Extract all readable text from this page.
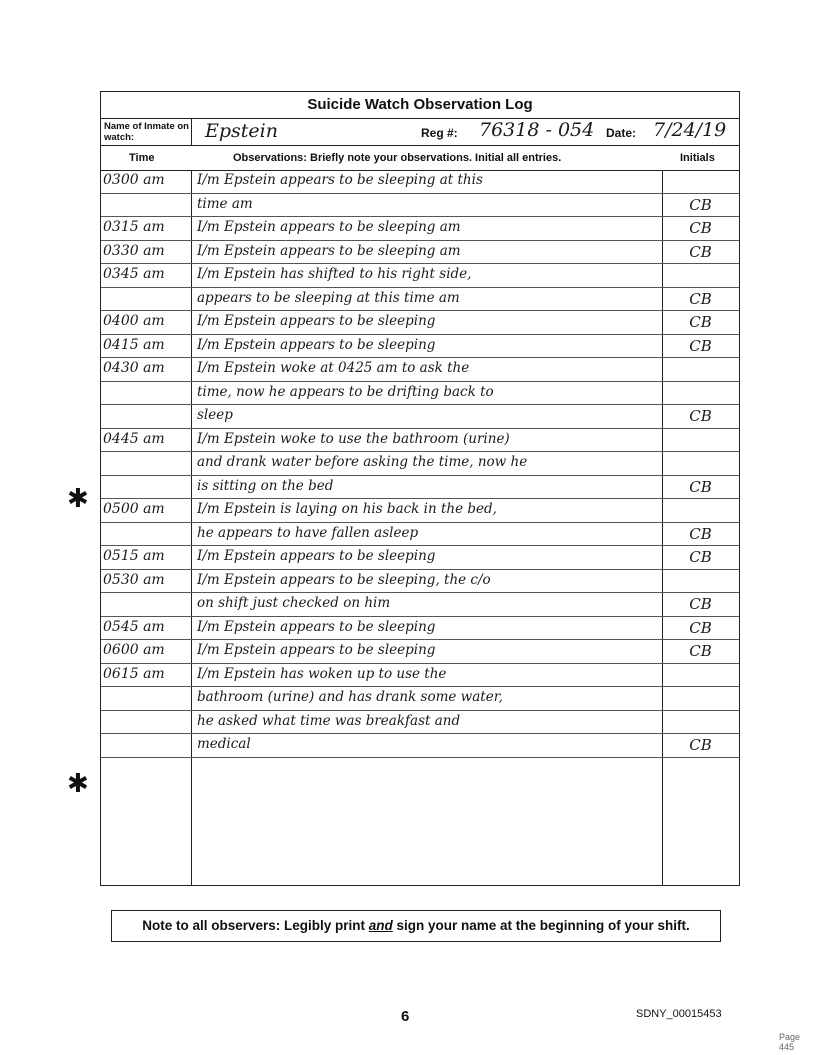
Suicide Watch Observation Log
Name of Inmate on watch:	Epstein	Reg #: 76318 - 054 Date: 7/24/19
Time	Observations: Briefly note your observations. Initial all entries.	Initials
0300 am	I/m Epstein appears to be sleeping at this
time am	CB
0315 am	I/m Epstein appears to be sleeping am	CB
0330 am	I/m Epstein appears to be sleeping am	CB
0345 am	I/m Epstein has shifted to his right side,
appears to be sleeping at this time am	CB
0400 am	I/m Epstein appears to be sleeping	CB
0415 am	I/m Epstein appears to be sleeping	CB
0430 am	I/m Epstein woke at 0425 am to ask the
time, now he appears to be drifting back to
sleep	CB
0445 am	I/m Epstein woke to use the bathroom (urine)
and drank water before asking the time, now he
is sitting on the bed	CB
0500 am	I/m Epstein is laying on his back in the bed,
he appears to have fallen asleep	CB
0515 am	I/m Epstein appears to be sleeping	CB
0530 am	I/m Epstein appears to be sleeping, the c/o
on shift just checked on him	CB
0545 am	I/m Epstein appears to be sleeping	CB
0600 am	I/m Epstein appears to be sleeping	CB
0615 am	I/m Epstein has woken up to use the
bathroom (urine) and has drank some water,
he asked what time was breakfast and
medical	CB
✱
✱
Note to all observers: Legibly print and sign your name at the beginning of your shift.
6	SDNY_00015453
Page 445
